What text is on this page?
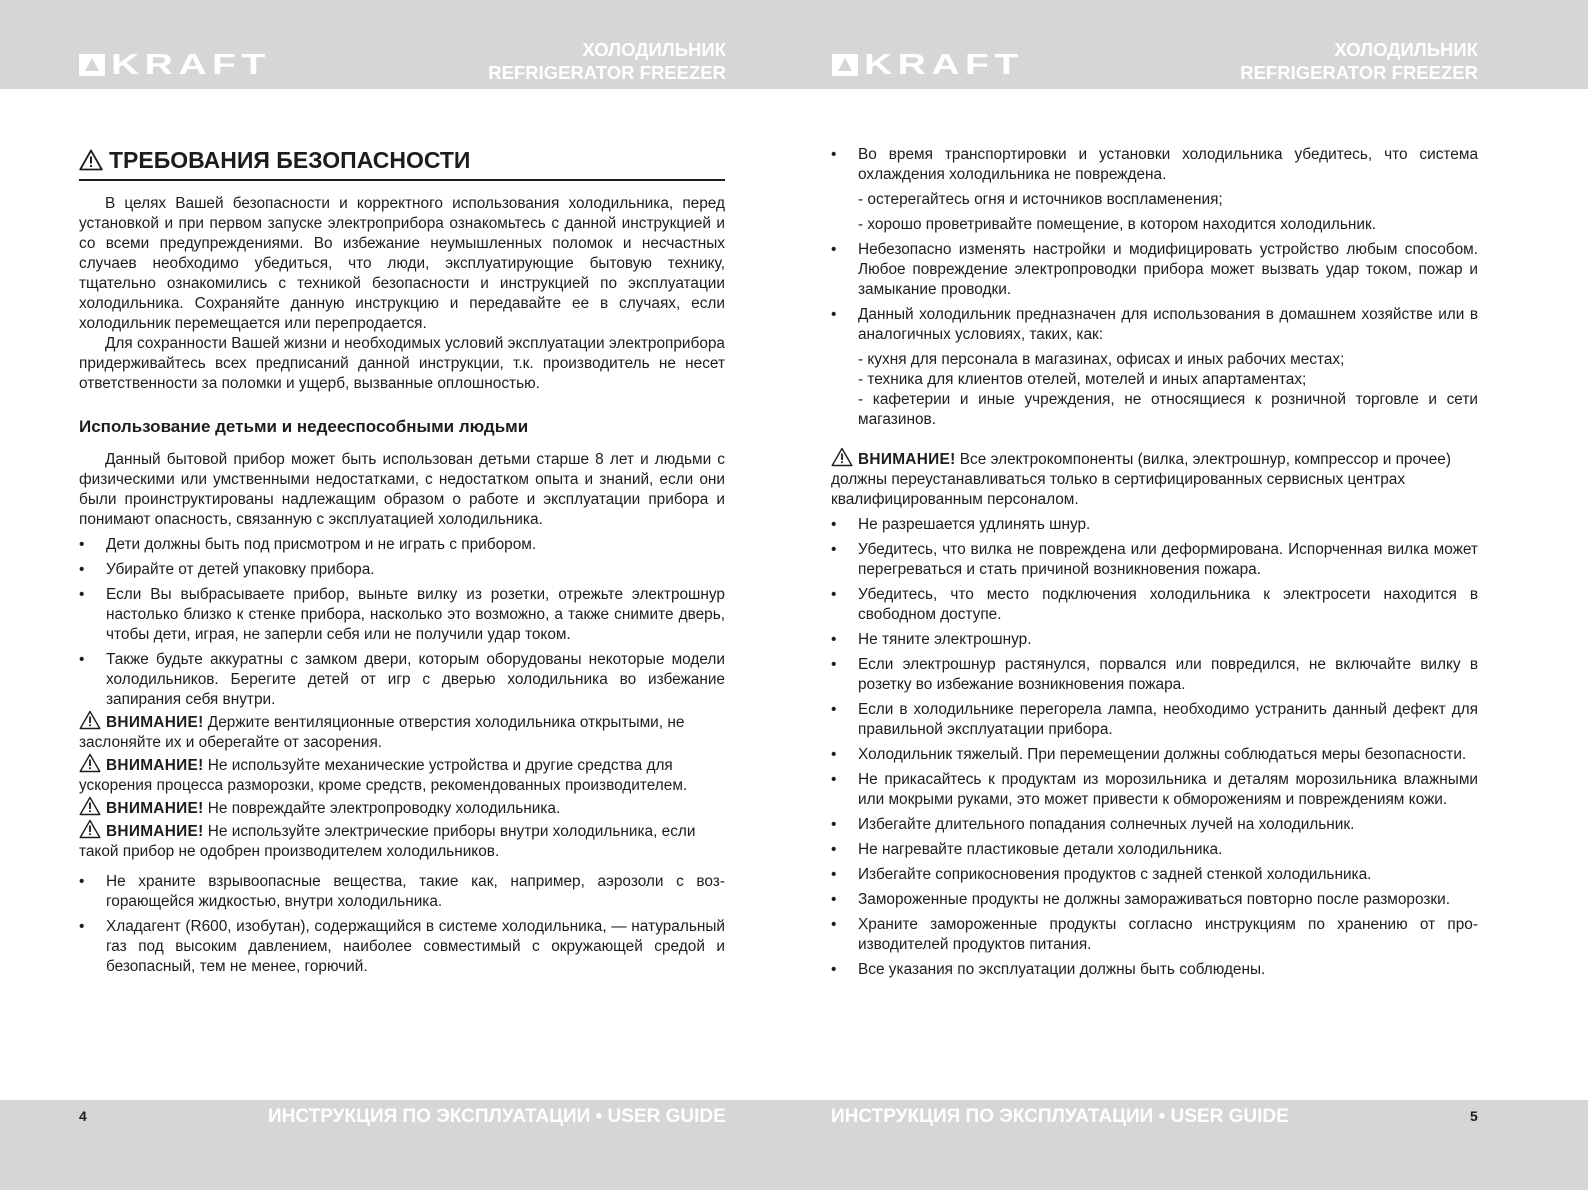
KRAFT	ХОЛОДИЛЬНИК
REFRIGERATOR FREEZER	KRAFT	ХОЛОДИЛЬНИК
REFRIGERATOR FREEZER
ТРЕБОВАНИЯ БЕЗОПАСНОСТИ

В целях Вашей безопасности и корректного использования холодильника, перед установкой и при первом запуске электроприбора ознакомьтесь с данной инструкцией и со всеми предупреждениями. Во избежание неумышленных поломок и несчастных случаев необходимо убедиться, что люди, эксплуатирующие бытовую технику, тщательно ознакомились с техникой безопасности и инструкцией по эксплуатации холодильника. Сохраняйте данную инструкцию и передавайте ее в случаях, если холодильник перемещается или перепродается.

Для сохранности Вашей жизни и необходимых условий эксплуатации электроприбора придерживайтесь всех предписаний данной инструкции, т.к. производитель не несет ответственности за поломки и ущерб, вызванные оплошностью.

Использование детьми и недееспособными людьми

Данный бытовой прибор может быть использован детьми старше 8 лет и людьми с физическими или умственными недостатками, с недостатком опыта и знаний, если они были проинструктированы надлежащим образом о работе и эксплуатации прибора и понимают опасность, связанную с эксплуатацией холодильника.

• Дети должны быть под присмотром и не играть с прибором.
• Убирайте от детей упаковку прибора.
• Если Вы выбрасываете прибор, выньте вилку из розетки, отрежьте электрошнур настолько близко к стенке прибора, насколько это возможно, а также снимите дверь, чтобы дети, играя, не заперли себя или не получили удар током.
• Также будьте аккуратны с замком двери, которым оборудованы некоторые модели холодильников. Берегите детей от игр с дверью холодильника во избежание запирания себя внутри.

ВНИМАНИЕ! Держите вентиляционные отверстия холодильника открытыми, не заслоняйте их и оберегайте от засорения.

ВНИМАНИЕ! Не используйте механические устройства и другие средства для ускорения процесса разморозки, кроме средств, рекомендованных производителем.

ВНИМАНИЕ! Не повреждайте электропроводку холодильника.

ВНИМАНИЕ! Не используйте электрические приборы внутри холодильника, если такой прибор не одобрен производителем холодильников.

• Не храните взрывоопасные вещества, такие как, например, аэрозоли с возгорающейся жидкостью, внутри холодильника.
• Хладагент (R600, изобутан), содержащийся в системе холодильника, — натуральный газ под высоким давлением, наиболее совместимый с окружающей средой и безопасный, тем не менее, горючий.
• Во время транспортировки и установки холодильника убедитесь, что система охлаждения холодильника не повреждена.

- остерегайтесь огня и источников воспламенения;

- хорошо проветривайте помещение, в котором находится холодильник.

• Небезопасно изменять настройки и модифицировать устройство любым способом. Любое повреждение электропроводки прибора может вызвать удар током, пожар и замыкание проводки.
• Данный холодильник предназначен для использования в домашнем хозяйстве или в аналогичных условиях, таких, как:

- кухня для персонала в магазинах, офисах и иных рабочих местах;

- техника для клиентов отелей, мотелей и иных апартаментах;

- кафетерии и иные учреждения, не относящиеся к розничной торговле и сети магазинов.

ВНИМАНИЕ! Все электрокомпоненты (вилка, электрошнур, компрессор и прочее) должны переустанавливаться только в сертифицированных сервисных центрах квалифицированным персоналом.

• Не разрешается удлинять шнур.
• Убедитесь, что вилка не повреждена или деформирована. Испорченная вилка может перегреваться и стать причиной возникновения пожара.
• Убедитесь, что место подключения холодильника к электросети находится в свободном доступе.
• Не тяните электрошнур.
• Если электрошнур растянулся, порвался или повредился, не включайте вилку в розетку во избежание возникновения пожара.
• Если в холодильнике перегорела лампа, необходимо устранить данный дефект для правильной эксплуатации прибора.
• Холодильник тяжелый. При перемещении должны соблюдаться меры безопасности.
• Не прикасайтесь к продуктам из морозильника и деталям морозильника влажными или мокрыми руками, это может привести к обморожениям и повреждениям кожи.
• Избегайте длительного попадания солнечных лучей на холодильник.
• Не нагревайте пластиковые детали холодильника.
• Избегайте соприкосновения продуктов с задней стенкой холодильника.
• Замороженные продукты не должны замораживаться повторно после разморозки.
• Храните замороженные продукты согласно инструкциям по хранению от производителей продуктов питания.
• Все указания по эксплуатации должны быть соблюдены.
4	ИНСТРУКЦИЯ ПО ЭКСПЛУАТАЦИИ • USER GUIDE	ИНСТРУКЦИЯ ПО ЭКСПЛУАТАЦИИ • USER GUIDE	5
